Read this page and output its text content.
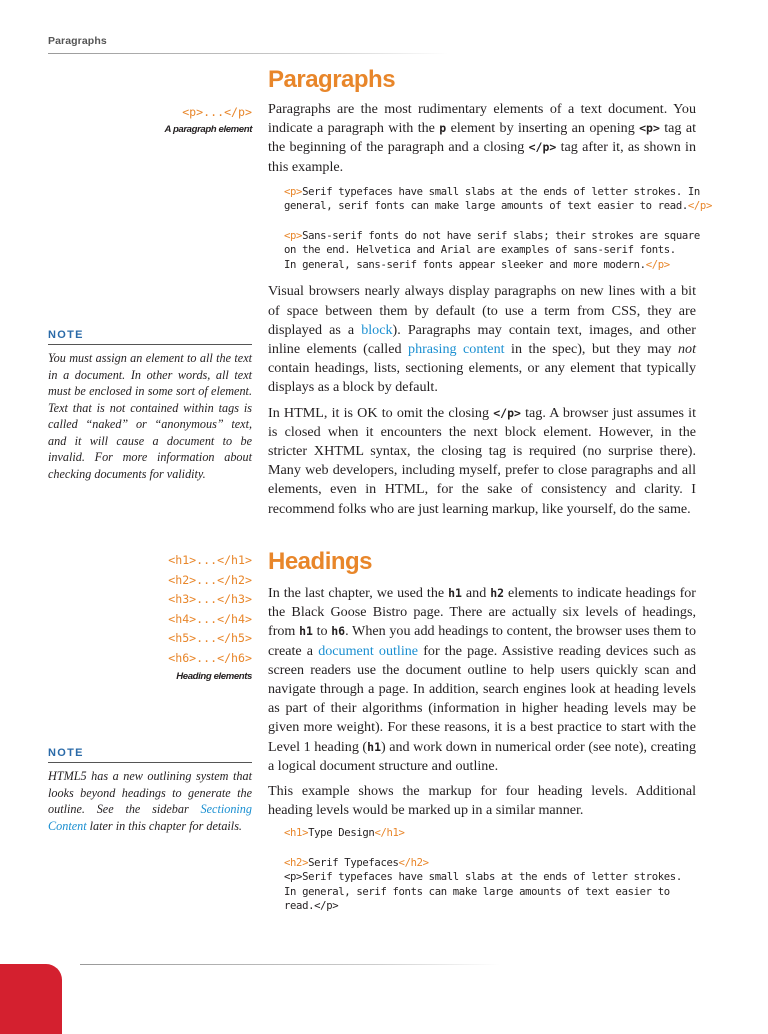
Paragraphs
<p>...</p>
A paragraph element
NOTE
You must assign an element to all the text in a document. In other words, all text must be enclosed in some sort of element. Text that is not contained within tags is called “naked” or “anonymous” text, and it will cause a document to be invalid. For more information about checking documents for validity.
Paragraphs

Paragraphs are the most rudimentary elements of a text document. You indicate a paragraph with the p element by inserting an opening <p> tag at the beginning of the paragraph and a closing </p> tag after it, as shown in this example.

<p>Serif typefaces have small slabs at the ends of letter strokes. In
general, serif fonts can make large amounts of text easier to read.</p>

<p>Sans-serif fonts do not have serif slabs; their strokes are square
on the end. Helvetica and Arial are examples of sans-serif fonts.
In general, sans-serif fonts appear sleeker and more modern.</p>

Visual browsers nearly always display paragraphs on new lines with a bit of space between them by default (to use a term from CSS, they are displayed as a block). Paragraphs may contain text, images, and other inline elements (called phrasing content in the spec), but they may not contain headings, lists, sectioning elements, or any element that typically displays as a block by default.

In HTML, it is OK to omit the closing </p> tag. A browser just assumes it is closed when it encounters the next block element. However, in the stricter XHTML syntax, the closing tag is required (no surprise there). Many web developers, including myself, prefer to close paragraphs and all elements, even in HTML, for the sake of consistency and clarity. I recommend folks who are just learning markup, like yourself, do the same.

<h1>...</h1>
<h2>...</h2>
<h3>...</h3>
<h4>...</h4>
<h5>...</h5>
<h6>...</h6>
Heading elements
NOTE
HTML5 has a new outlining system that looks beyond headings to generate the outline. See the sidebar Sectioning Content later in this chapter for details.
Headings

In the last chapter, we used the h1 and h2 elements to indicate headings for the Black Goose Bistro page. There are actually six levels of headings, from h1 to h6. When you add headings to content, the browser uses them to create a document outline for the page. Assistive reading devices such as screen readers use the document outline to help users quickly scan and navigate through a page. In addition, search engines look at heading levels as part of their algorithms (information in higher heading levels may be given more weight). For these reasons, it is a best practice to start with the Level 1 heading (h1) and work down in numerical order (see note), creating a logical document structure and outline.

This example shows the markup for four heading levels. Additional heading levels would be marked up in a similar manner.

<h1>Type Design</h1>

<h2>Serif Typefaces</h2>
<p>Serif typefaces have small slabs at the ends of letter strokes.
In general, serif fonts can make large amounts of text easier to
read.</p>
